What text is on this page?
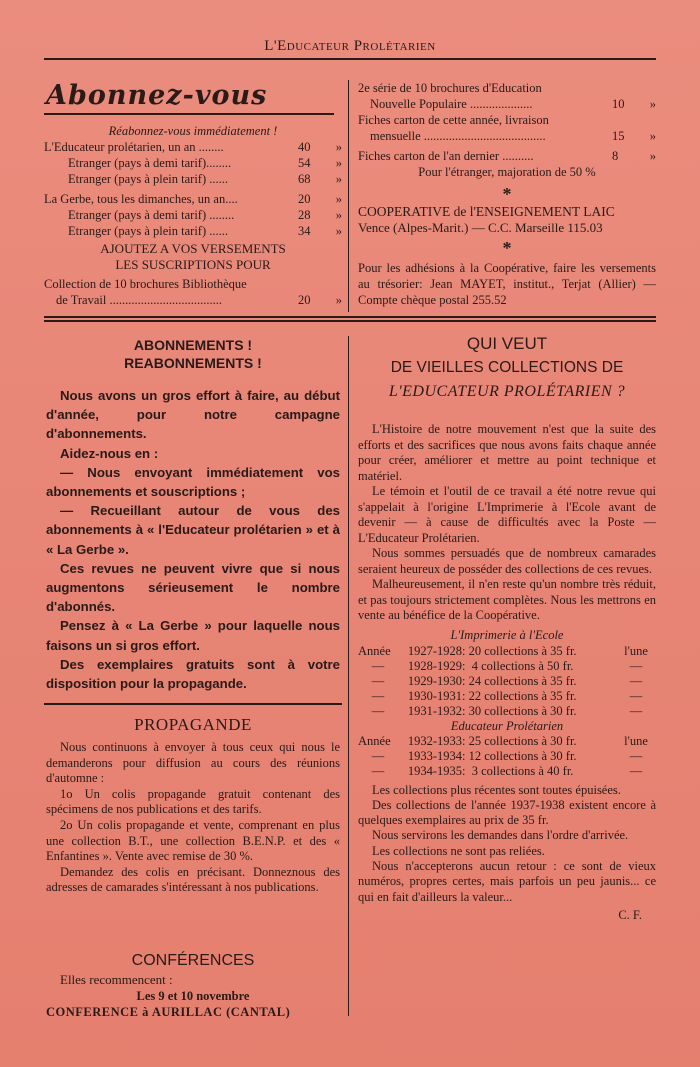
L'Educateur Prolétarien
Abonnez-vous
Réabonnez-vous immédiatement !
L'Educateur prolétarien, un an ........	40 »
Etranger (pays à demi tarif)........	54 »
Etranger (pays à plein tarif) ......	68 »
La Gerbe, tous les dimanches, un an....	20 »
Etranger (pays à demi tarif) ........	28 »
Etranger (pays à plein tarif) ......	34 »
AJOUTEZ A VOS VERSEMENTS
LES SUSCRIPTIONS POUR
Collection de 10 brochures Bibliothèque
de Travail ....................................	20 »
2e série de 10 brochures d'Education
Nouvelle Populaire ....................	10 »
Fiches carton de cette année, livraison
mensuelle .......................................	15 »
Fiches carton de l'an dernier ..........	8	»
Pour l'étranger, majoration de 50 %
*
COOPERATIVE de l'ENSEIGNEMENT LAIC
Vence (Alpes-Marit.) — C.C. Marseille 115.03
*
Pour les adhésions à la Coopérative, faire les versements au trésorier: Jean MAYET, institut., Terjat (Allier) — Compte chèque postal 255.52
ABONNEMENTS !
REABONNEMENTS !

Nous avons un gros effort à faire, au début d'année, pour notre campagne d'abonnements.

Aidez-nous en :

— Nous envoyant immédiatement vos abonnements et souscriptions ;

— Recueillant autour de vous des abonnements à « l'Educateur prolétarien » et à « La Gerbe ».

Ces revues ne peuvent vivre que si nous augmentons sérieusement le nombre d'abonnés.

Pensez à « La Gerbe » pour laquelle nous faisons un si gros effort.

Des exemplaires gratuits sont à votre disposition pour la propagande.

PROPAGANDE

Nous continuons à envoyer à tous ceux qui nous le demanderons pour diffusion au cours des réunions d'automne :

1o Un colis propagande gratuit contenant des spécimens de nos publications et des tarifs.

2o Un colis propagande et vente, comprenant en plus une collection B.T., une collection B.E.N.P. et des « Enfantines ». Vente avec remise de 30 %.

Demandez des colis en précisant. Donneznous des adresses de camarades s'intéressant à nos publications.

CONFÉRENCES
Elles recommencent :
Les 9 et 10 novembre
CONFERENCE à AURILLAC (CANTAL)
QUI VEUT
DE VIEILLES COLLECTIONS DE
L'EDUCATEUR PROLÉTARIEN ?

L'Histoire de notre mouvement n'est que la suite des efforts et des sacrifices que nous avons faits chaque année pour créer, améliorer et mettre au point technique et matériel.

Le témoin et l'outil de ce travail a été notre revue qui s'appelait à l'origine L'Imprimerie à l'Ecole avant de devenir — à cause de difficultés avec la Poste — L'Educateur Prolétarien.

Nous sommes persuadés que de nombreux camarades seraient heureux de posséder des collections de ces revues.

Malheureusement, il n'en reste qu'un nombre très réduit, et pas toujours strictement complètes. Nous les mettrons en vente au bénéfice de la Coopérative.

L'Imprimerie à l'Ecole
Année	1927-1928 : 20 collections à 35 fr.	l'une
—	1928-1929 :  4 collections à 50 fr.	—
—	1929-1930 : 24 collections à 35 fr.	—
—	1930-1931 : 22 collections à 35 fr.	—
—	1931-1932 : 30 collections à 30 fr.	—
Educateur Prolétarien
Année	1932-1933 : 25 collections à 30 fr.	l'une
—	1933-1934 : 12 collections à 30 fr.	—
—	1934-1935 :  3 collections à 40 fr.	—

Les collections plus récentes sont toutes épuisées.

Des collections de l'année 1937-1938 existent encore à quelques exemplaires au prix de 35 fr.

Nous servirons les demandes dans l'ordre d'arrivée.

Les collections ne sont pas reliées.

Nous n'accepterons aucun retour : ce sont de vieux numéros, propres certes, mais parfois un peu jaunis... ce qui en fait d'ailleurs la valeur...

C. F.
